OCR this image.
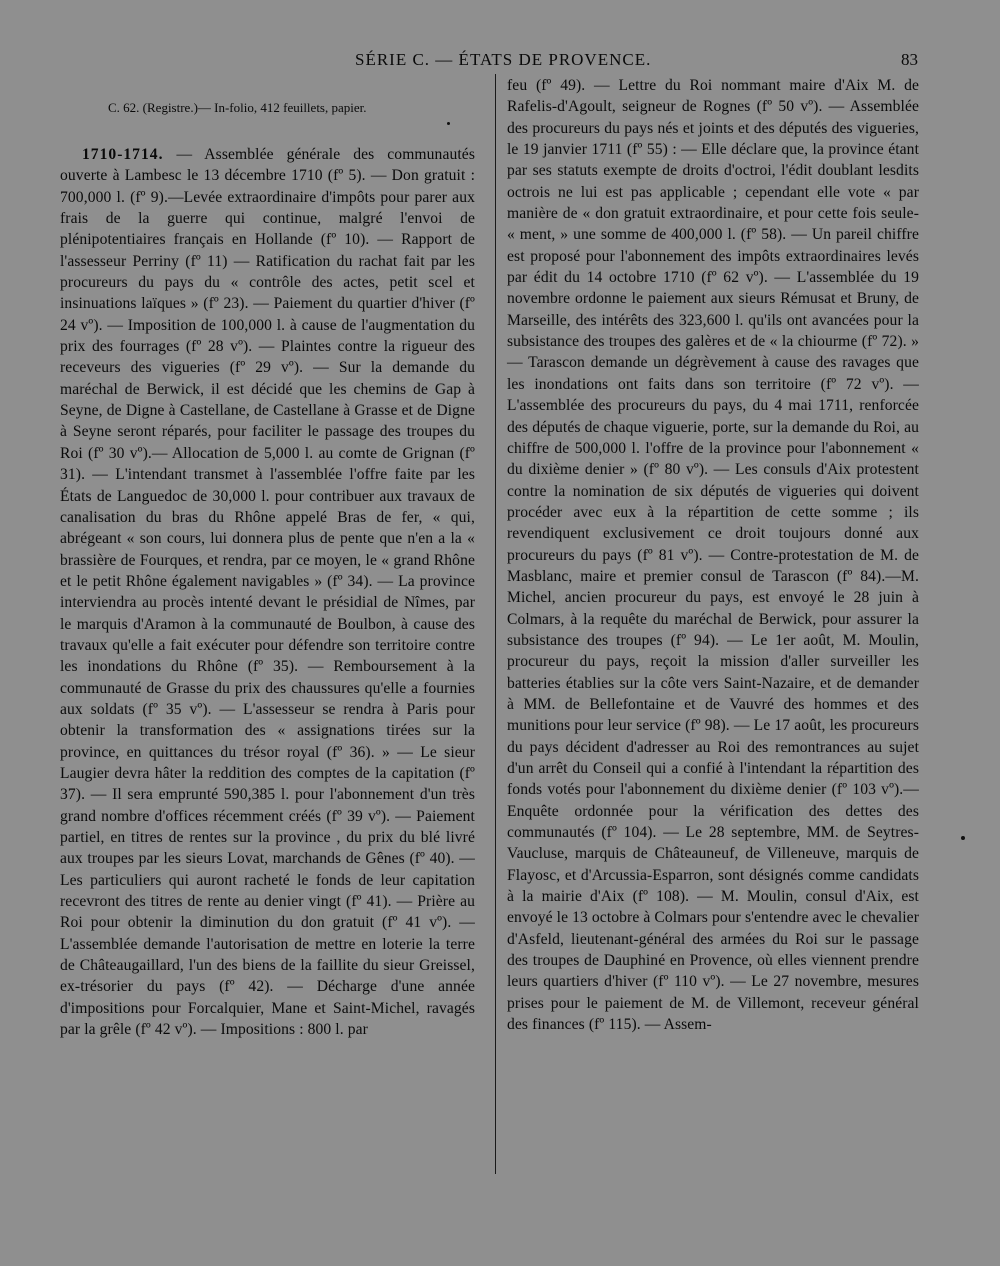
SÉRIE C. — ÉTATS DE PROVENCE.	83
C. 62. (Registre.)— In-folio, 412 feuillets, papier.

1710-1714. — Assemblée générale des communautés ouverte à Lambesc le 13 décembre 1710 (fº 5). — Don gratuit : 700,000 l. (fº 9).—Levée extraordinaire d'impôts pour parer aux frais de la guerre qui continue, malgré l'envoi de plénipotentiaires français en Hollande (fº 10). — Rapport de l'assesseur Perriny (fº 11) — Ratification du rachat fait par les procureurs du pays du « contrôle des actes, petit scel et insinuations laïques » (fº 23). — Paiement du quartier d'hiver (fº 24 vº). — Imposition de 100,000 l. à cause de l'augmentation du prix des fourrages (fº 28 vº). — Plaintes contre la rigueur des receveurs des vigueries (fº 29 vº). — Sur la demande du maréchal de Berwick, il est décidé que les chemins de Gap à Seyne, de Digne à Castellane, de Castellane à Grasse et de Digne à Seyne seront réparés, pour faciliter le passage des troupes du Roi (fº 30 vº).— Allocation de 5,000 l. au comte de Grignan (fº 31). — L'intendant transmet à l'assemblée l'offre faite par les États de Languedoc de 30,000 l. pour contribuer aux travaux de canalisation du bras du Rhône appelé Bras de fer, « qui, abrégeant « son cours, lui donnera plus de pente que n'en a la « brassière de Fourques, et rendra, par ce moyen, le « grand Rhône et le petit Rhône également navigables » (fº 34). — La province interviendra au procès intenté devant le présidial de Nîmes, par le marquis d'Aramon à la communauté de Boulbon, à cause des travaux qu'elle a fait exécuter pour défendre son territoire contre les inondations du Rhône (fº 35). — Remboursement à la communauté de Grasse du prix des chaussures qu'elle a fournies aux soldats (fº 35 vº). — L'assesseur se rendra à Paris pour obtenir la transformation des « assignations tirées sur la province, en quittances du trésor royal (fº 36). » — Le sieur Laugier devra hâter la reddition des comptes de la capitation (fº 37). — Il sera emprunté 590,385 l. pour l'abonnement d'un très grand nombre d'offices récemment créés (fº 39 vº). — Paiement partiel, en titres de rentes sur la province , du prix du blé livré aux troupes par les sieurs Lovat, marchands de Gênes (fº 40). — Les particuliers qui auront racheté le fonds de leur capitation recevront des titres de rente au denier vingt (fº 41). — Prière au Roi pour obtenir la diminution du don gratuit (fº 41 vº). — L'assemblée demande l'autorisation de mettre en loterie la terre de Châteaugaillard, l'un des biens de la faillite du sieur Greissel, ex-trésorier du pays (fº 42). — Décharge d'une année d'impositions pour Forcalquier, Mane et Saint-Michel, ravagés par la grêle (fº 42 vº). — Impositions : 800 l. par

feu (fº 49). — Lettre du Roi nommant maire d'Aix M. de Rafelis-d'Agoult, seigneur de Rognes (fº 50 vº). — Assemblée des procureurs du pays nés et joints et des députés des vigueries, le 19 janvier 1711 (fº 55) : — Elle déclare que, la province étant par ses statuts exempte de droits d'octroi, l'édit doublant lesdits octrois ne lui est pas applicable ; cependant elle vote « par manière de « don gratuit extraordinaire, et pour cette fois seule- « ment, » une somme de 400,000 l. (fº 58). — Un pareil chiffre est proposé pour l'abonnement des impôts extraordinaires levés par édit du 14 octobre 1710 (fº 62 vº). — L'assemblée du 19 novembre ordonne le paiement aux sieurs Rémusat et Bruny, de Marseille, des intérêts des 323,600 l. qu'ils ont avancées pour la subsistance des troupes des galères et de « la chiourme (fº 72). » — Tarascon demande un dégrèvement à cause des ravages que les inondations ont faits dans son territoire (fº 72 vº). — L'assemblée des procureurs du pays, du 4 mai 1711, renforcée des députés de chaque viguerie, porte, sur la demande du Roi, au chiffre de 500,000 l. l'offre de la province pour l'abonnement « du dixième denier » (fº 80 vº). — Les consuls d'Aix protestent contre la nomination de six députés de vigueries qui doivent procéder avec eux à la répartition de cette somme ; ils revendiquent exclusivement ce droit toujours donné aux procureurs du pays (fº 81 vº). — Contre-protestation de M. de Masblanc, maire et premier consul de Tarascon (fº 84).—M. Michel, ancien procureur du pays, est envoyé le 28 juin à Colmars, à la requête du maréchal de Berwick, pour assurer la subsistance des troupes (fº 94). — Le 1er août, M. Moulin, procureur du pays, reçoit la mission d'aller surveiller les batteries établies sur la côte vers Saint-Nazaire, et de demander à MM. de Bellefontaine et de Vauvré des hommes et des munitions pour leur service (fº 98). — Le 17 août, les procureurs du pays décident d'adresser au Roi des remontrances au sujet d'un arrêt du Conseil qui a confié à l'intendant la répartition des fonds votés pour l'abonnement du dixième denier (fº 103 vº).— Enquête ordonnée pour la vérification des dettes des communautés (fº 104). — Le 28 septembre, MM. de Seytres-Vaucluse, marquis de Châteauneuf, de Villeneuve, marquis de Flayosc, et d'Arcussia-Esparron, sont désignés comme candidats à la mairie d'Aix (fº 108). — M. Moulin, consul d'Aix, est envoyé le 13 octobre à Colmars pour s'entendre avec le chevalier d'Asfeld, lieutenant-général des armées du Roi sur le passage des troupes de Dauphiné en Provence, où elles viennent prendre leurs quartiers d'hiver (fº 110 vº). — Le 27 novembre, mesures prises pour le paiement de M. de Villemont, receveur général des finances (fº 115). — Assem-
